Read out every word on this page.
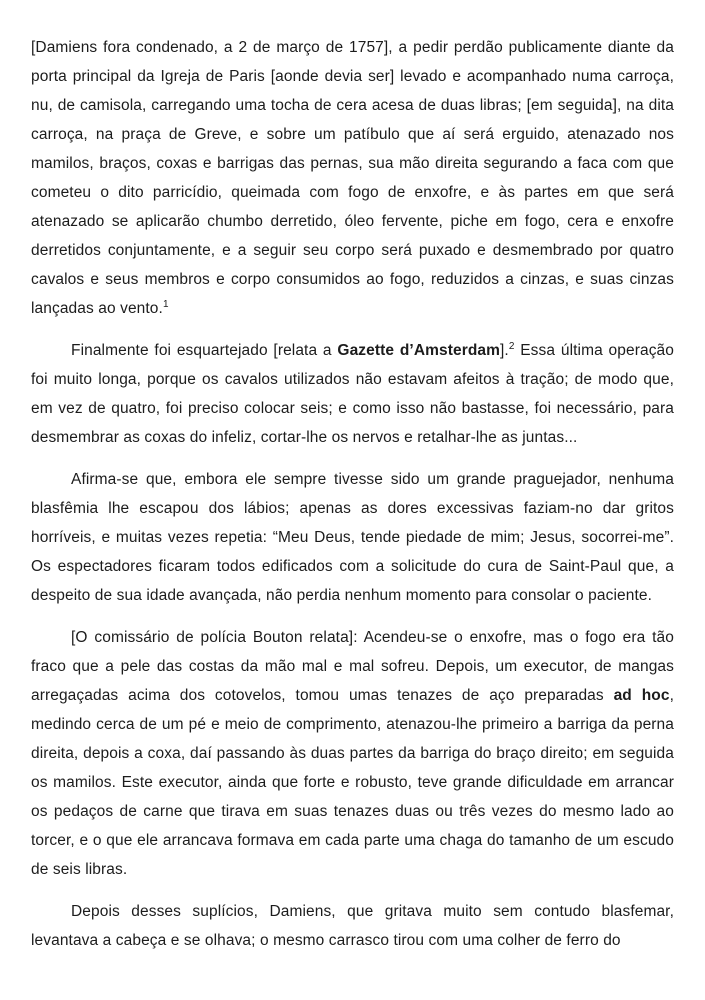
[Damiens fora condenado, a 2 de março de 1757], a pedir perdão publicamente diante da porta principal da Igreja de Paris [aonde devia ser] levado e acompanhado numa carroça, nu, de camisola, carregando uma tocha de cera acesa de duas libras; [em seguida], na dita carroça, na praça de Greve, e sobre um patíbulo que aí será erguido, atenazado nos mamilos, braços, coxas e barrigas das pernas, sua mão direita segurando a faca com que cometeu o dito parricídio, queimada com fogo de enxofre, e às partes em que será atenazado se aplicarão chumbo derretido, óleo fervente, piche em fogo, cera e enxofre derretidos conjuntamente, e a seguir seu corpo será puxado e desmembrado por quatro cavalos e seus membros e corpo consumidos ao fogo, reduzidos a cinzas, e suas cinzas lançadas ao vento.$^1$

Finalmente foi esquartejado [relata a Gazette d’Amsterdam].$^2$ Essa última operação foi muito longa, porque os cavalos utilizados não estavam afeitos à tração; de modo que, em vez de quatro, foi preciso colocar seis; e como isso não bastasse, foi necessário, para desmembrar as coxas do infeliz, cortar-lhe os nervos e retalhar-lhe as juntas...

Afirma-se que, embora ele sempre tivesse sido um grande praguejador, nenhuma blasfêmia lhe escapou dos lábios; apenas as dores excessivas faziam-no dar gritos horríveis, e muitas vezes repetia: “Meu Deus, tende piedade de mim; Jesus, socorrei-me”. Os espectadores ficaram todos edificados com a solicitude do cura de Saint-Paul que, a despeito de sua idade avançada, não perdia nenhum momento para consolar o paciente.

[O comissário de polícia Bouton relata]: Acendeu-se o enxofre, mas o fogo era tão fraco que a pele das costas da mão mal e mal sofreu. Depois, um executor, de mangas arregaçadas acima dos cotovelos, tomou umas tenazes de aço preparadas ad hoc, medindo cerca de um pé e meio de comprimento, atenazou-lhe primeiro a barriga da perna direita, depois a coxa, daí passando às duas partes da barriga do braço direito; em seguida os mamilos. Este executor, ainda que forte e robusto, teve grande dificuldade em arrancar os pedaços de carne que tirava em suas tenazes duas ou três vezes do mesmo lado ao torcer, e o que ele arrancava formava em cada parte uma chaga do tamanho de um escudo de seis libras.

Depois desses suplícios, Damiens, que gritava muito sem contudo blasfemar, levantava a cabeça e se olhava; o mesmo carrasco tirou com uma colher de ferro do
